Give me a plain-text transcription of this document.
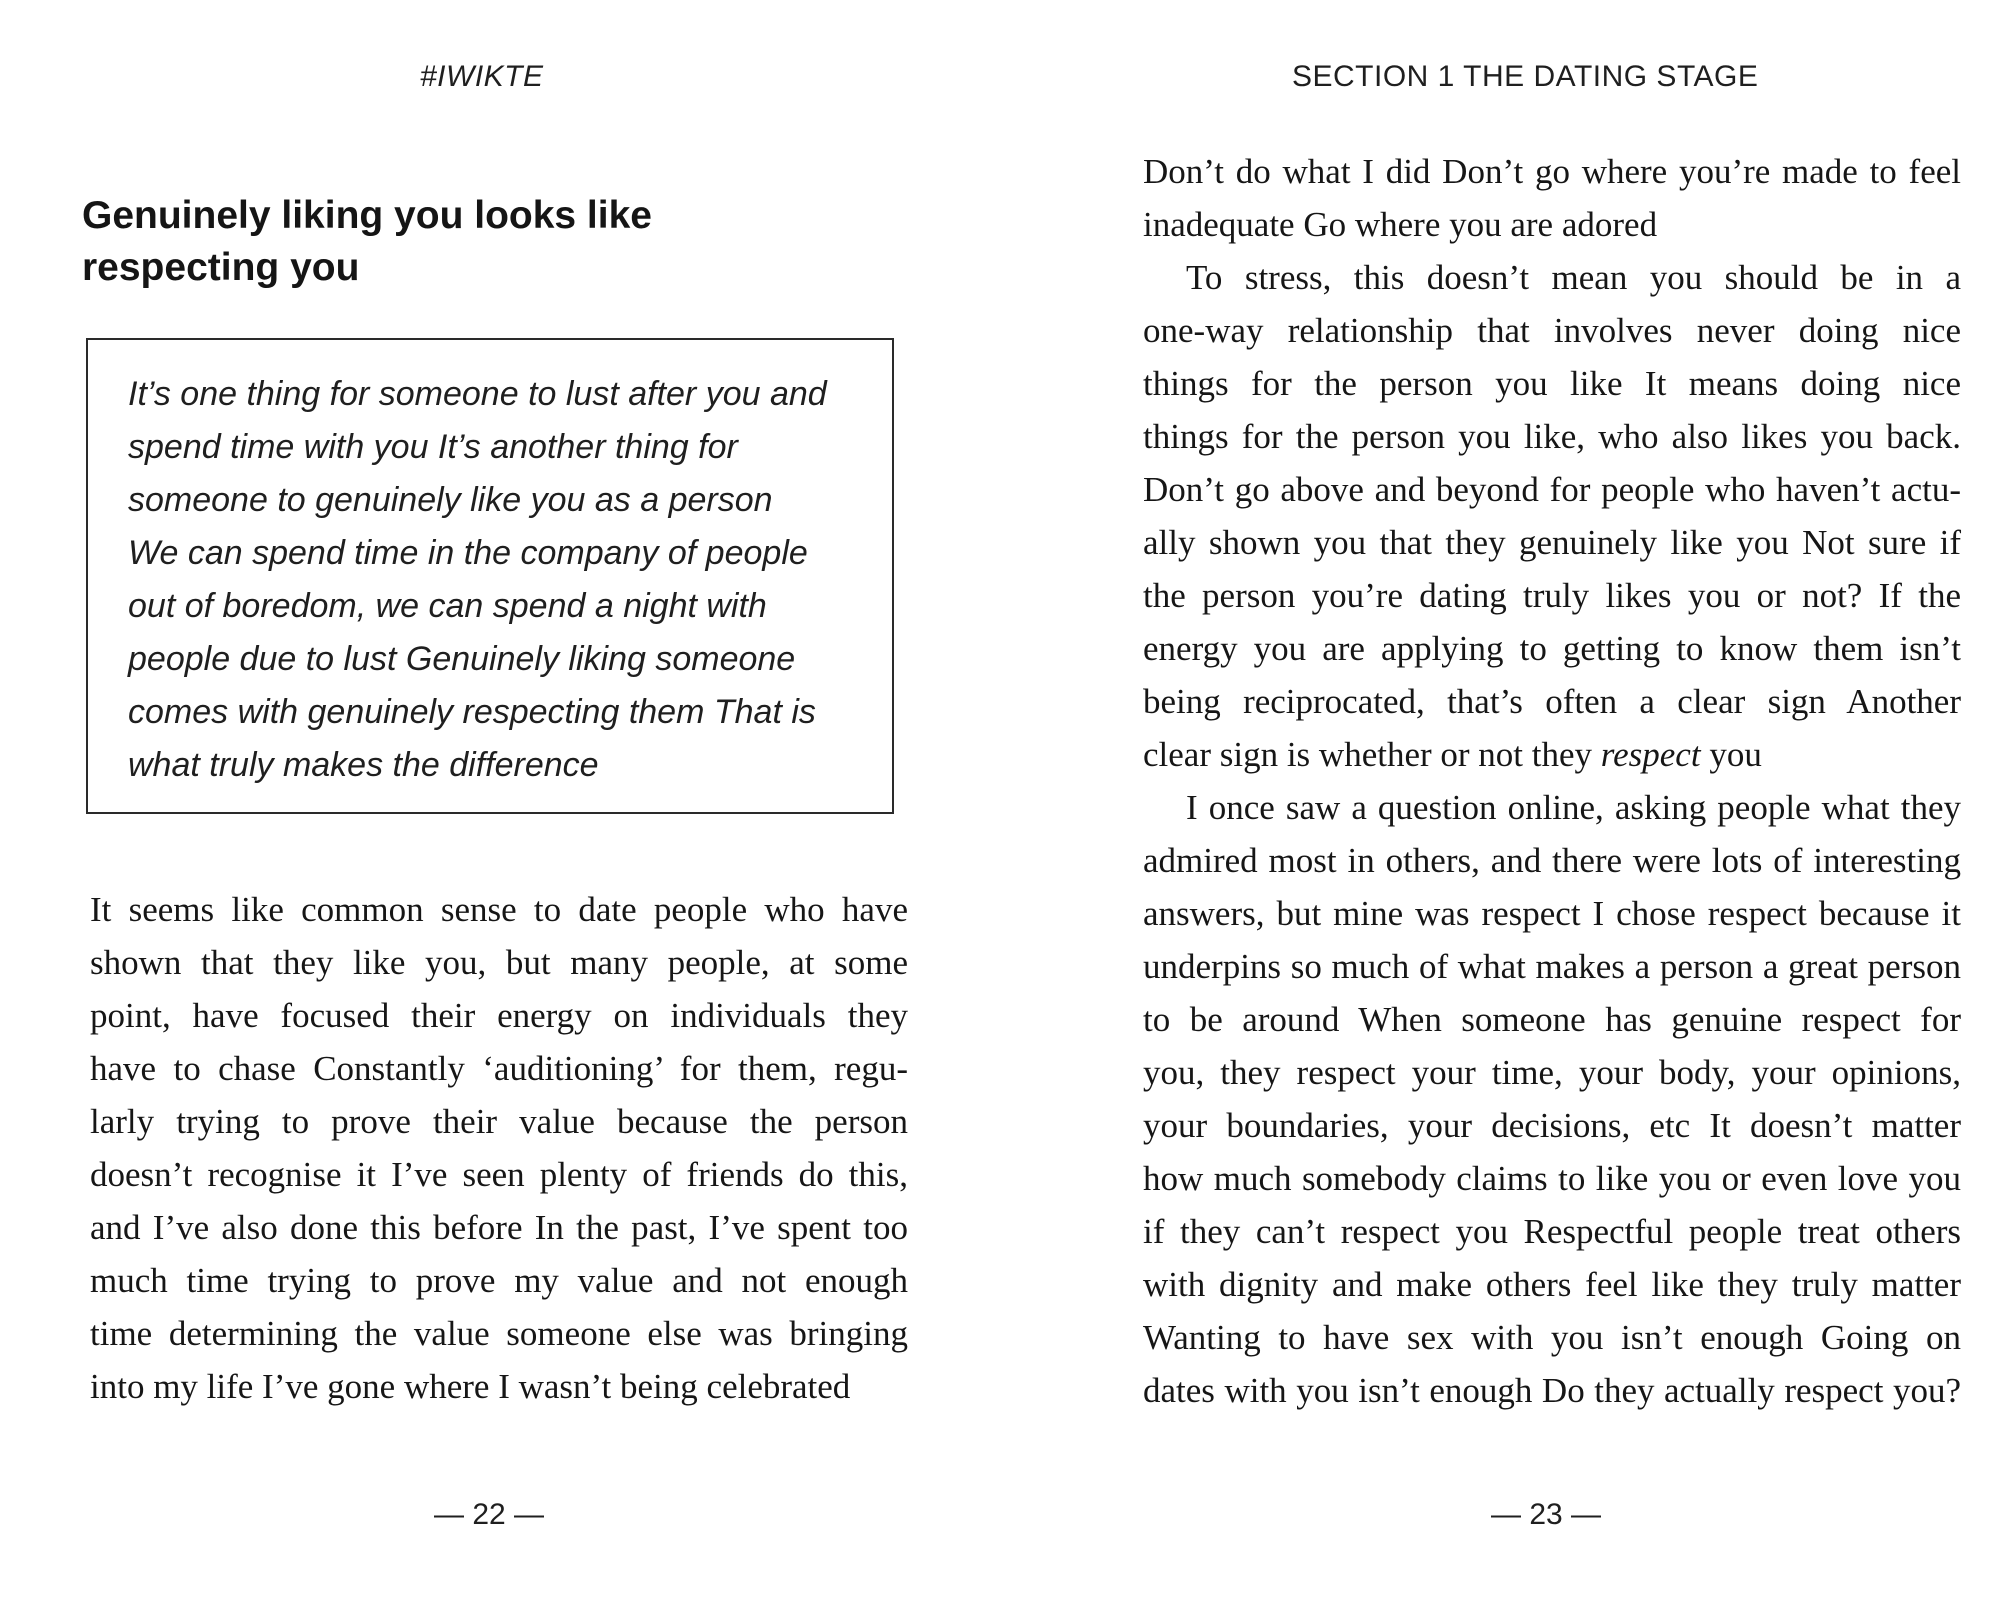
#IWIKTE
Genuinely liking you looks like
respecting you
It’s one thing for someone to lust after you and
spend time with you It’s another thing for
someone to genuinely like you as a person
We can spend time in the company of people
out of boredom, we can spend a night with
people due to lust Genuinely liking someone
comes with genuinely respecting them That is
what truly makes the difference
It seems like common sense to date people who have
shown that they like you, but many people, at some
point, have focused their energy on individuals they
have to chase Constantly ‘auditioning’ for them, regu-
larly trying to prove their value because the person
doesn’t recognise it I’ve seen plenty of friends do this,
and I’ve also done this before In the past, I’ve spent too
much time trying to prove my value and not enough
time determining the value someone else was bringing
into my life I’ve gone where I wasn’t being celebrated
— 22 —
SECTION 1 THE DATING STAGE
Don’t do what I did Don’t go where you’re made to feel
inadequate Go where you are adored
To stress, this doesn’t mean you should be in a
one-way relationship that involves never doing nice
things for the person you like It means doing nice
things for the person you like, who also likes you back.
Don’t go above and beyond for people who haven’t actu-
ally shown you that they genuinely like you Not sure if
the person you’re dating truly likes you or not? If the
energy you are applying to getting to know them isn’t
being reciprocated, that’s often a clear sign Another
clear sign is whether or not they respect you
I once saw a question online, asking people what they
admired most in others, and there were lots of interesting
answers, but mine was respect I chose respect because it
underpins so much of what makes a person a great person
to be around When someone has genuine respect for
you, they respect your time, your body, your opinions,
your boundaries, your decisions, etc It doesn’t matter
how much somebody claims to like you or even love you
if they can’t respect you Respectful people treat others
with dignity and make others feel like they truly matter
Wanting to have sex with you isn’t enough Going on
dates with you isn’t enough Do they actually respect you?
— 23 —
